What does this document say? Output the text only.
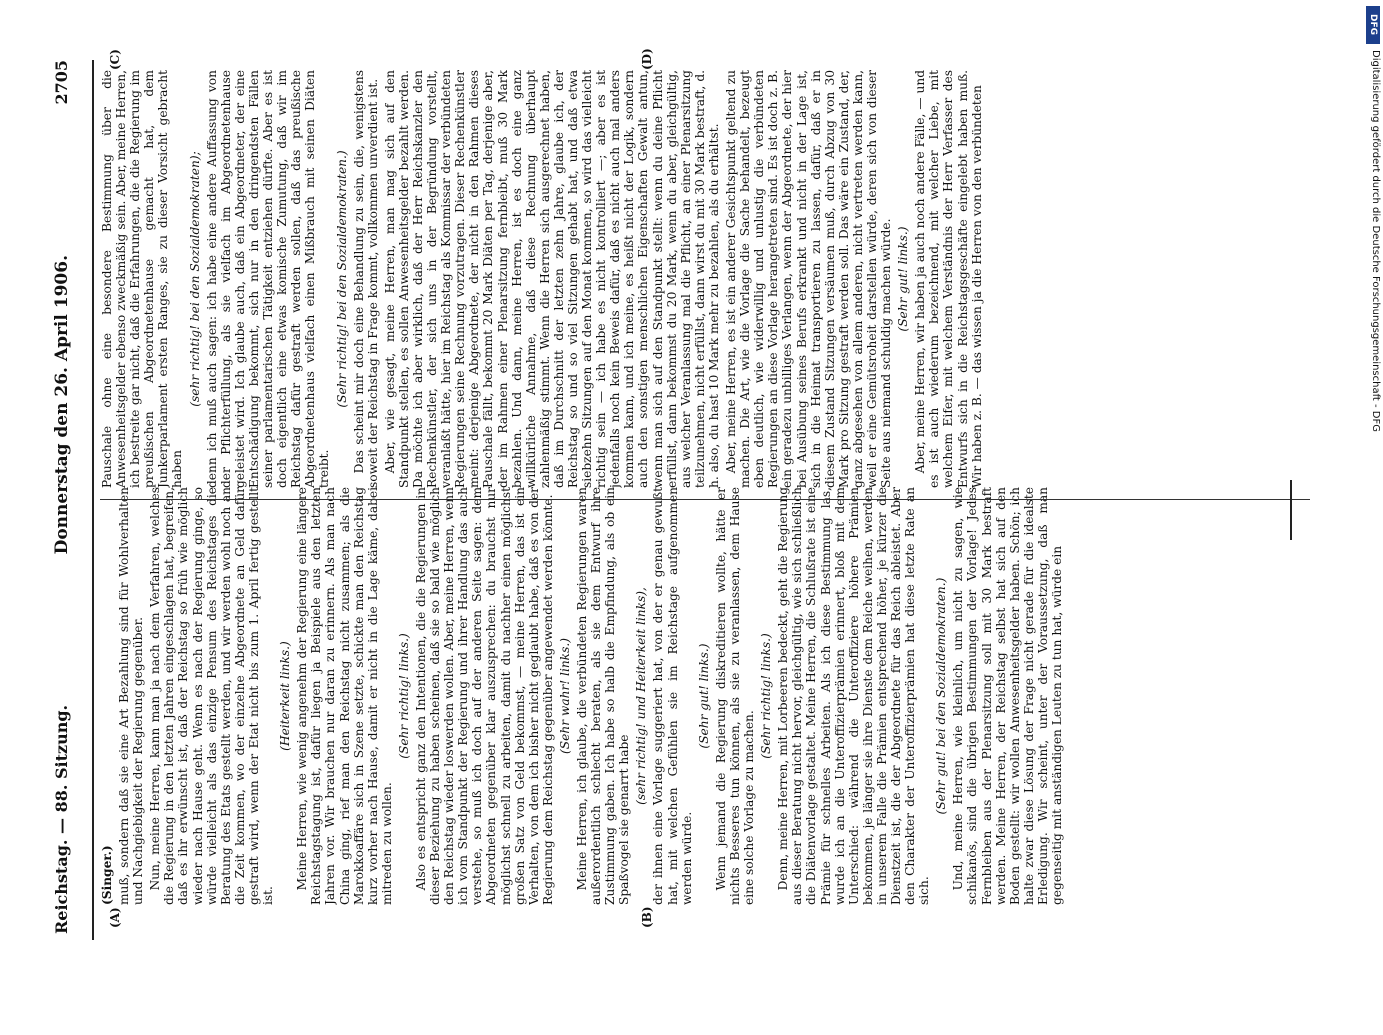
Reichstag. — 88. Sitzung.
Donnerstag den 26. April 1906.
2705
(A)	(B)
(C)	(D)

(Singer.) muß, sondern daß sie eine Art Bezahlung sind für Wohlverhalten und Nachgiebigkeit der Regierung gegenüber. Nun, meine Herren, kann man ja nach dem Verfahren, welches die Regierung in den letzten Jahren eingeschlagen hat, begreifen, daß es ihr erwünscht ist, daß der Reichstag so früh wie möglich wieder nach Hause geht. Wenn es nach der Regierung ginge, so würde vielleicht als das einzige Pensum des Reichstages die Beratung des Etats gestellt werden, und wir werden wohl noch an die Zeit kommen, wo der einzelne Abgeordnete an Geld dafür gestraft wird, wenn der Etat nicht bis zum 1. April fertig gestellt ist.

(Heiterkeit links.) Meine Herren, wie wenig angenehm der Regierung eine längere Reichstagstagung ist, dafür liegen ja Beispiele aus den letzten Jahren vor. Wir brauchen nur daran zu erinnern. Als man nach China ging, rief man den Reichstag nicht zusammen; als die Marokkoaffäre sich in Szene setzte, schickte man den Reichstag kurz vorher nach Hause, damit er nicht in die Lage käme, dabei mitreden zu wollen.

(Sehr richtig! links.) Also es entspricht ganz den Intentionen, die die Regierungen in dieser Beziehung zu haben scheinen, daß sie so bald wie möglich den Reichstag wieder loswerden wollen. Aber, meine Herren, wenn ich vom Standpunkt der Regierung und ihrer Handlung das auch verstehe, so muß ich doch auf der anderen Seite sagen: dem Abgeordneten gegenüber klar auszusprechen: du brauchst nur möglichst schnell zu arbeiten, damit du nachher einen möglichst großen Satz von Geld bekommst, — meine Herren, das ist ein Verhalten, von dem ich bisher nicht geglaubt habe, daß es von der Regierung dem Reichstag gegenüber angewendet werden könnte. (Sehr wahr! links.) Meine Herren, ich glaube, die verbündeten Regierungen waren außerordentlich schlecht beraten, als sie dem Entwurf ihre Zustimmung gaben. Ich habe so halb die Empfindung, als ob ein Spaßvogel sie genarrt habe

(sehr richtig! und Heiterkeit links), der ihnen eine Vorlage suggeriert hat, von der er genau gewußt hat, mit welchen Gefühlen sie im Reichstage aufgenommen werden würde.

(Sehr gut! links.) Wenn jemand die Regierung diskreditieren wollte, hätte er nichts Besseres tun können, als sie zu veranlassen, dem Hause eine solche Vorlage zu machen.

(Sehr richtig! links.) Denn, meine Herren, mit Lorbeeren bedeckt, geht die Regierung aus dieser Beratung nicht hervor, gleichgültig, wie sich schließlich die Diätenvorlage gestaltet. Meine Herren, die Schlußrate ist eine Prämie für schnelles Arbeiten. Als ich diese Bestimmung las, wurde ich an die Unteroffizierprämien erinnert, bloß mit dem Unterschied: während die Unteroffiziere höhere Prämien bekommen, je länger sie ihre Dienste dem Reiche weihen, werden in unserem Falle die Prämien entsprechend höher, je kürzer die Dienstzeit ist, die der Abgeordnete für das Reich ableistet. Aber den Charakter der Unteroffizierprämien hat diese letzte Rate an sich.

(Sehr gut! bei den Sozialdemokraten.) Und, meine Herren, wie kleinlich, um nicht zu sagen, wie schikanös, sind die übrigen Bestimmungen der Vorlage! Jedes Fernbleiben aus der Plenarsitzung soll mit 30 Mark bestraft werden. Meine Herren, der Reichstag selbst hat sich auf den Boden gestellt: wir wollen Anwesenheitsgelder haben. Schön; ich halte zwar diese Lösung der Frage nicht gerade für die idealste Erledigung. Wir scheint, unter der Voraussetzung, daß man gegenseitig mit anständigen Leuten zu tun hat, würde ein

Pauschale ohne eine besondere Bestimmung über die Anwesenheitsgelder ebenso zweckmäßig sein. Aber, meine Herren, ich bestreite gar nicht, daß die Erfahrungen, die die Regierung im preußischen Abgeordnetenhause gemacht hat, dem Junkerparlament ersten Ranges, sie zu dieser Vorsicht gebracht haben

(sehr richtig! bei den Sozialdemokraten); denn ich muß auch sagen: ich habe eine andere Auffassung von der Pflichterfüllung, als sie vielfach im Abgeordnetenhause geleistet wird. Ich glaube auch, daß ein Abgeordneter, der eine Entschädigung bekommt, sich nur in den dringendsten Fällen seiner parlamentarischen Tätigkeit entziehen dürfte. Aber es ist doch eigentlich eine etwas komische Zumutung, daß wir im Reichstag dafür gestraft werden sollen, daß das preußische Abgeordnetenhaus vielfach einen Mißbrauch mit seinen Diäten treibt.

(Sehr richtig! bei den Sozialdemokraten.) Das scheint mir doch eine Behandlung zu sein, die, wenigstens soweit der Reichstag in Frage kommt, vollkommen unverdient ist. Aber, wie gesagt, meine Herren, man mag sich auf den Standpunkt stellen, es sollen Anwesenheitsgelder bezahlt werden. Da möchte ich aber wirklich, daß der Herr Reichskanzler den Rechenkünstler, der sich uns in der Begründung vorstellt, veranlaßt hätte, hier im Reichstag als Kommissar der verbündeten Regierungen seine Rechnung vorzutragen. Dieser Rechenkünstler meint: derjenige Abgeordnete, der nicht in den Rahmen dieses Pauschale fällt, bekommt 20 Mark Diäten per Tag, derjenige aber, der im Rahmen einer Plenarsitzung fernbleibt, muß 30 Mark bezahlen. Und dann, meine Herren, ist es doch eine ganz willkürliche Annahme, daß diese Rechnung überhaupt zahlenmäßig stimmt. Wenn die Herren sich ausgerechnet haben, daß im Durchschnitt der letzten zehn Jahre, glaube ich, der Reichstag so und so viel Sitzungen gehabt hat, und daß etwa siebzehn Sitzungen auf den Monat kommen, so wird das vielleicht richtig sein — ich habe es nicht kontrolliert —; aber es ist jedenfalls noch kein Beweis dafür, daß es nicht auch mal anders kommen kann, und ich meine, es heißt nicht der Logik, sondern auch den sonstigen menschlichen Eigenschaften Gewalt antun, wenn man sich auf den Standpunkt stellt: wenn du deine Pflicht erfüllst, dann bekommst du 20 Mark, wenn du aber, gleichgültig, aus welcher Veranlassung mal die Pflicht, an einer Plenarsitzung teilzunehmen, nicht erfüllst, dann wirst du mit 30 Mark bestraft, d. h. also, du hast 10 Mark mehr zu bezahlen, als du erhältst. Aber, meine Herren, es ist ein anderer Gesichtspunkt geltend zu machen. Die Art, wie die Vorlage die Sache behandelt, bezeugt eben deutlich, wie widerwillig und unlustig die verbündeten Regierungen an diese Vorlage herangetreten sind. Es ist doch z. B. ein geradezu unbilliges Verlangen, wenn der Abgeordnete, der hier bei Ausübung seines Berufs erkrankt und nicht in der Lage ist, sich in die Heimat transportieren zu lassen, dafür, daß er in diesem Zustand Sitzungen versäumen muß, durch Abzug von 30 Mark pro Sitzung gestraft werden soll. Das wäre ein Zustand, der, ganz abgesehen von allem anderen, nicht vertreten werden kann, weil er eine Gemütsroheit darstellen würde, deren sich von dieser Seite aus niemand schuldig machen würde. (Sehr gut! links.) Aber, meine Herren, wir haben ja auch noch andere Fälle, — und es ist auch wiederum bezeichnend, mit welcher Liebe, mit welchem Eifer, mit welchem Verständnis der Herr Verfasser des Entwurfs sich in die Reichstagsgeschäfte eingelebt haben muß. Wir haben z. B. — das wissen ja die Herren von den verbündeten

DFG
Digitalisierung gefördert durch die Deutsche Forschungsgemeinschaft - DFG
